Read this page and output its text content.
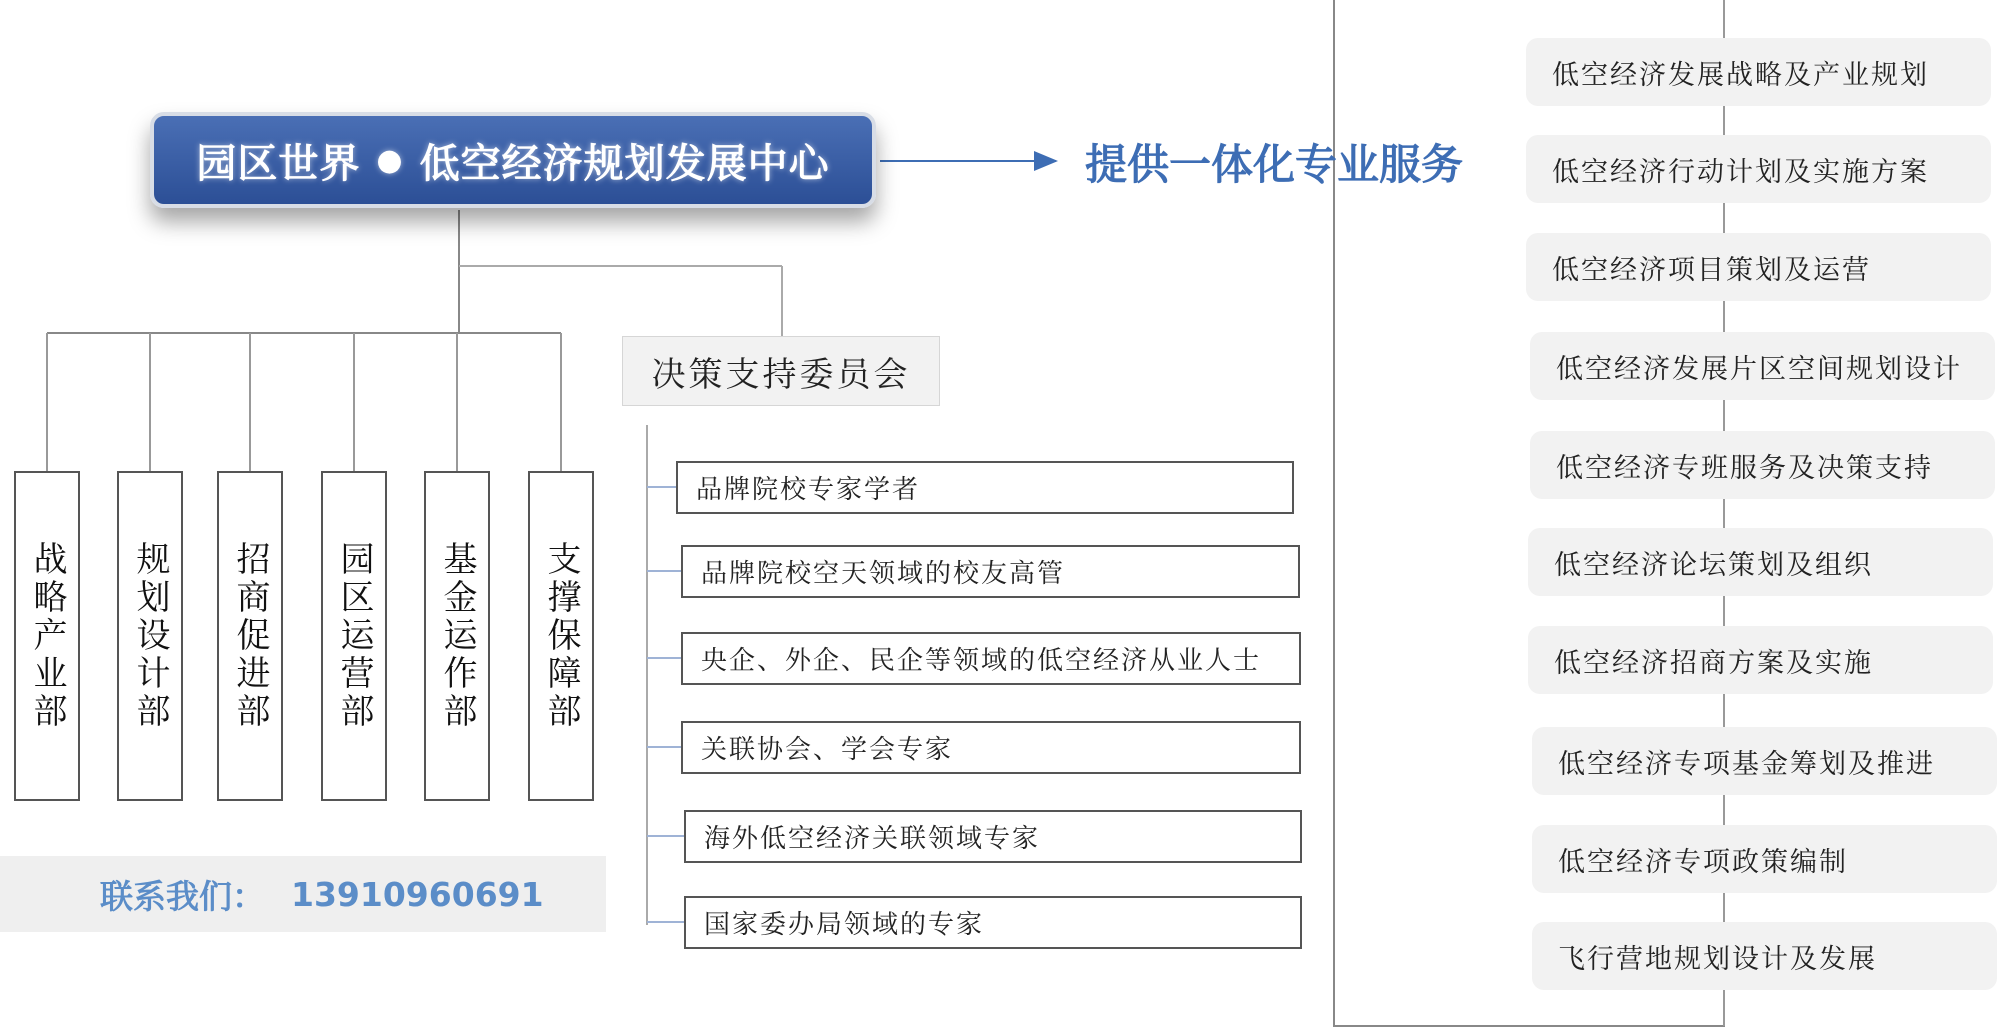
园区世界 ● 低空经济规划发展中心	提供一体化专业服务
战略产业部 规划设计部 招商促进部 园区运营部 基金运作部 支撑保障部
决策支持委员会
品牌院校专家学者
品牌院校空天领域的校友高管
央企、外企、民企等领域的低空经济从业人士
关联协会、学会专家
海外低空经济关联领域专家
国家委办局领域的专家
低空经济发展战略及产业规划
低空经济行动计划及实施方案
低空经济项目策划及运营
低空经济发展片区空间规划设计
低空经济专班服务及决策支持
低空经济论坛策划及组织
低空经济招商方案及实施
低空经济专项基金筹划及推进
低空经济专项政策编制
飞行营地规划设计及发展
联系我们： 13910960691
